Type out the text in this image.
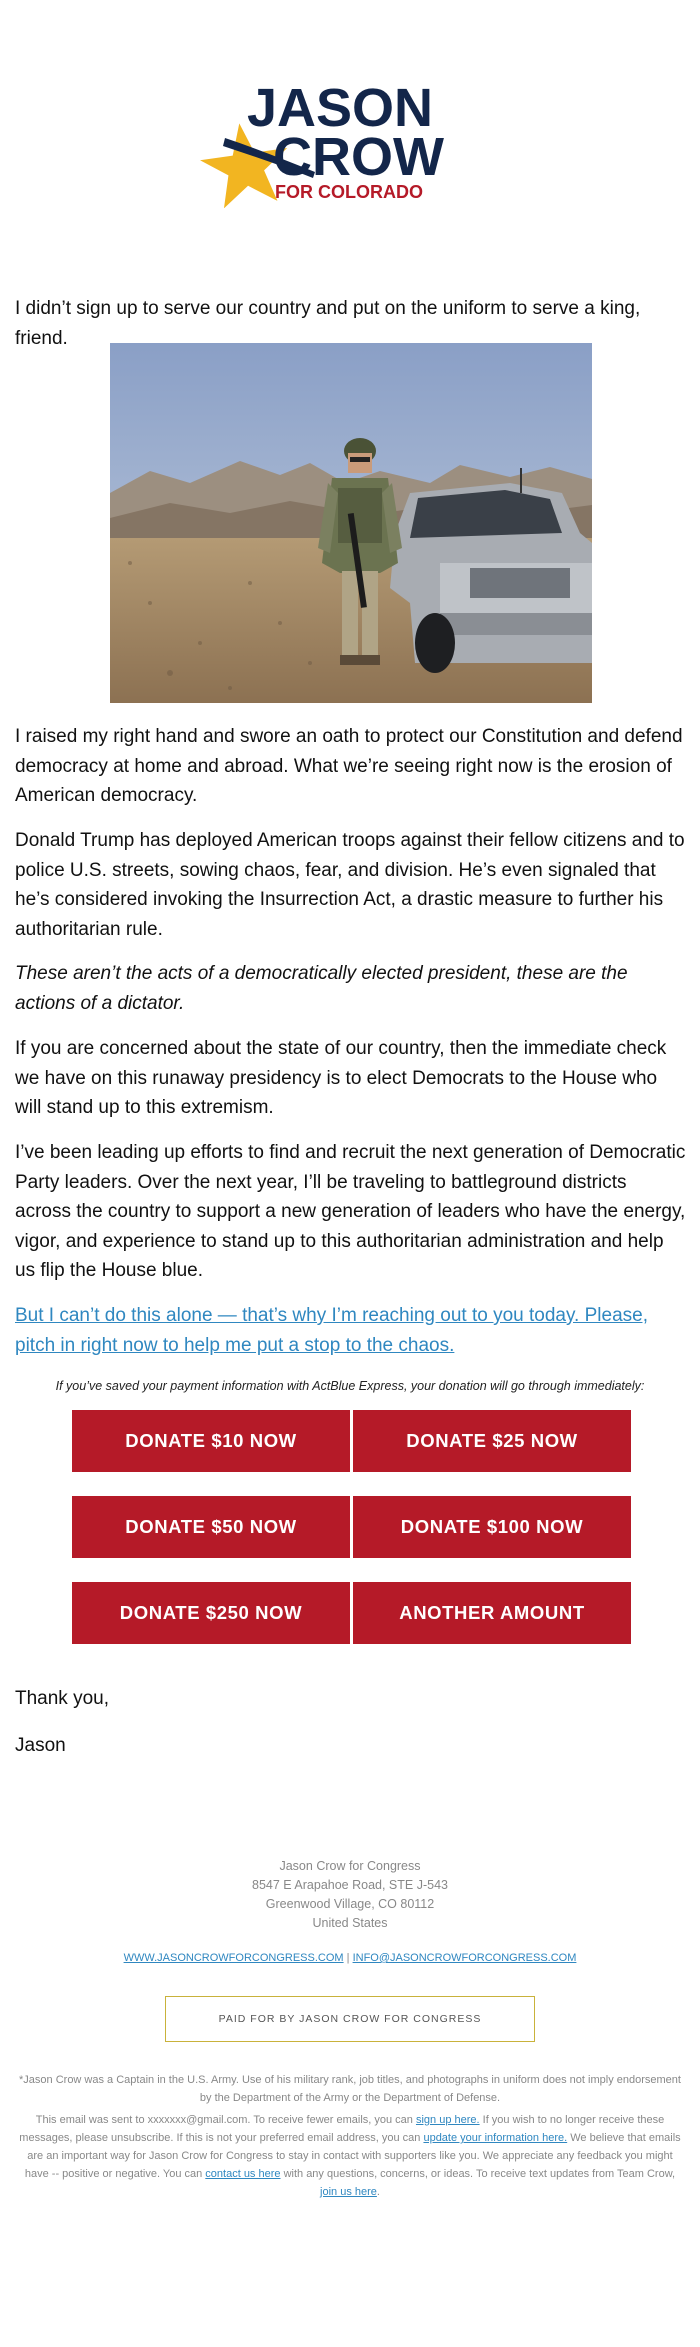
JASON
CROW
FOR COLORADO

I didn’t sign up to serve our country and put on the uniform to serve a king, friend.

I raised my right hand and swore an oath to protect our Constitution and defend democracy at home and abroad. What we’re seeing right now is the erosion of American democracy.

Donald Trump has deployed American troops against their fellow citizens and to police U.S. streets, sowing chaos, fear, and division. He’s even signaled that he’s considered invoking the Insurrection Act, a drastic measure to further his authoritarian rule.

These aren’t the acts of a democratically elected president, these are the actions of a dictator.

If you are concerned about the state of our country, then the immediate check we have on this runaway presidency is to elect Democrats to the House who will stand up to this extremism.

I’ve been leading up efforts to find and recruit the next generation of Democratic Party leaders. Over the next year, I’ll be traveling to battleground districts across the country to support a new generation of leaders who have the energy, vigor, and experience to stand up to this authoritarian administration and help us flip the House blue.

But I can’t do this alone — that’s why I’m reaching out to you today. Please, pitch in right now to help me put a stop to the chaos.

If you’ve saved your payment information with ActBlue Express, your donation will go through immediately:
DONATE $10 NOW	DONATE $25 NOW
DONATE $50 NOW	DONATE $100 NOW
DONATE $250 NOW	ANOTHER AMOUNT
Thank you,
Jason
Jason Crow for Congress
8547 E Arapahoe Road, STE J-543
Greenwood Village, CO 80112
United States
WWW.JASONCROWFORCONGRESS.COM | INFO@JASONCROWFORCONGRESS.COM
PAID FOR BY JASON CROW FOR CONGRESS

*Jason Crow was a Captain in the U.S. Army. Use of his military rank, job titles, and photographs in uniform does not imply endorsement by the Department of the Army or the Department of Defense.

This email was sent to xxxxxxx@gmail.com. To receive fewer emails, you can sign up here. If you wish to no longer receive these messages, please unsubscribe. If this is not your preferred email address, you can update your information here. We believe that emails are an important way for Jason Crow for Congress to stay in contact with supporters like you. We appreciate any feedback you might have -- positive or negative. You can contact us here with any questions, concerns, or ideas. To receive text updates from Team Crow, join us here.
